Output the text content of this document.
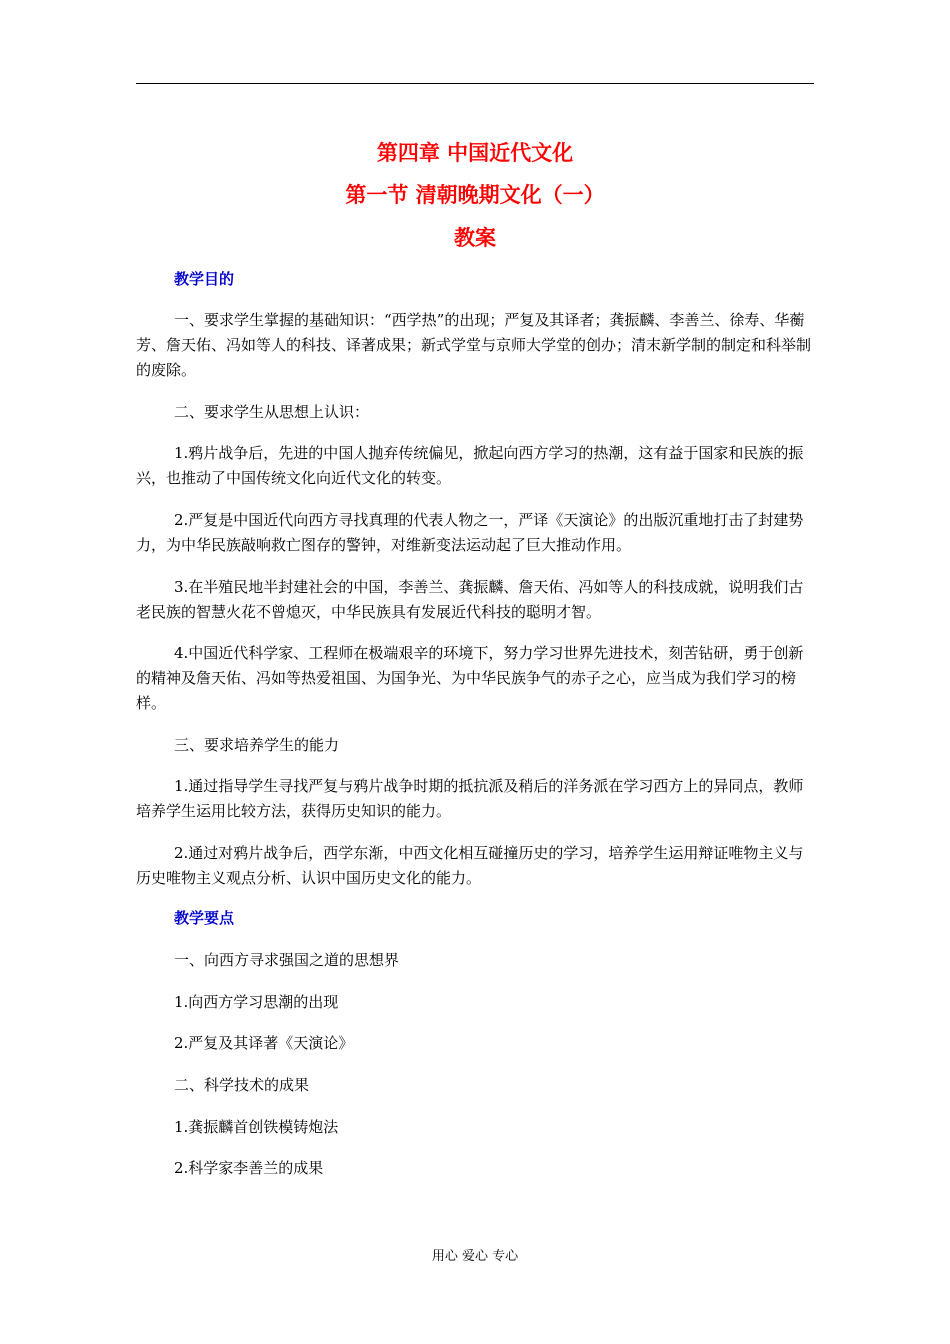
第四章 中国近代文化
第一节 清朝晚期文化（一）
教案
教学目的
一、要求学生掌握的基础知识：“西学热”的出现；严复及其译者；龚振麟、李善兰、徐寿、华蘅芳、詹天佑、冯如等人的科技、译著成果；新式学堂与京师大学堂的创办；清末新学制的制定和科举制的废除。
二、要求学生从思想上认识：
1.鸦片战争后，先进的中国人抛弃传统偏见，掀起向西方学习的热潮，这有益于国家和民族的振兴，也推动了中国传统文化向近代文化的转变。
2.严复是中国近代向西方寻找真理的代表人物之一，严译《天演论》的出版沉重地打击了封建势力，为中华民族敲响救亡图存的警钟，对维新变法运动起了巨大推动作用。
3.在半殖民地半封建社会的中国，李善兰、龚振麟、詹天佑、冯如等人的科技成就，说明我们古老民族的智慧火花不曾熄灭，中华民族具有发展近代科技的聪明才智。
4.中国近代科学家、工程师在极端艰辛的环境下，努力学习世界先进技术，刻苦钻研，勇于创新的精神及詹天佑、冯如等热爱祖国、为国争光、为中华民族争气的赤子之心，应当成为我们学习的榜样。
三、要求培养学生的能力
1.通过指导学生寻找严复与鸦片战争时期的抵抗派及稍后的洋务派在学习西方上的异同点，教师培养学生运用比较方法，获得历史知识的能力。
2.通过对鸦片战争后，西学东渐，中西文化相互碰撞历史的学习，培养学生运用辩证唯物主义与历史唯物主义观点分析、认识中国历史文化的能力。
教学要点
一、向西方寻求强国之道的思想界
1.向西方学习思潮的出现
2.严复及其译著《天演论》
二、科学技术的成果
1.龚振麟首创铁模铸炮法
2.科学家李善兰的成果
用心 爱心 专心
